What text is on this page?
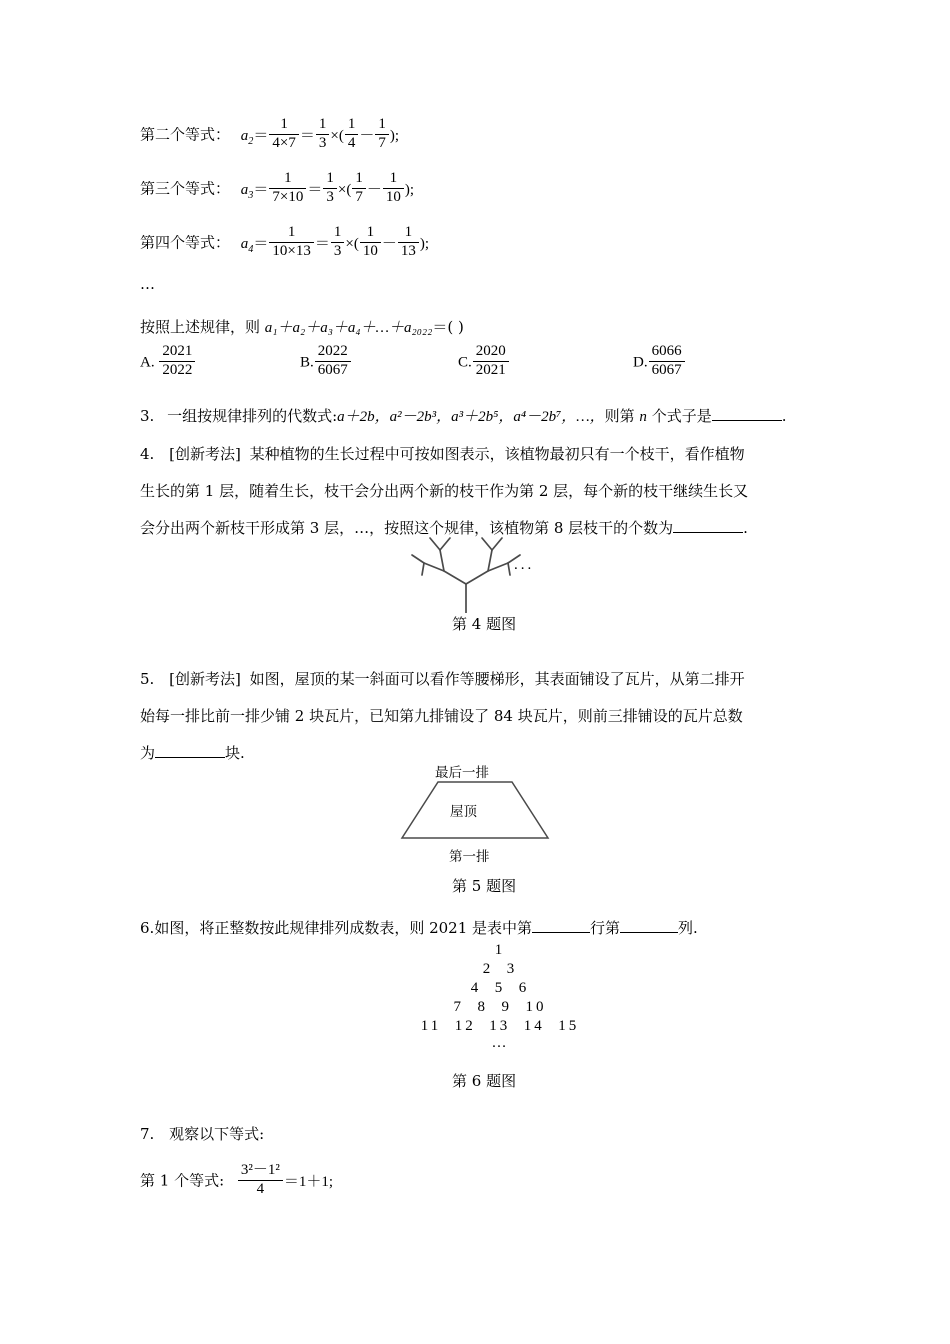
第二个等式： $a_2= \frac{1}{4\times 7} = \frac{1}{3}$ ×( $\frac{1}{4} - \frac{1}{7}$ );
第三个等式： $a_3= \frac{1}{7\times 10} = \frac{1}{3}$ ×( $\frac{1}{7} - \frac{1}{10}$ );
第四个等式： $a_4= \frac{1}{10\times 13} = \frac{1}{3}$ ×( $\frac{1}{10} - \frac{1}{13}$ );
…
按照上述规律，则 a₁＋a₂＋a₃＋a₄＋…＋a₂₀₂₂＝( )
A. $\frac{2021}{2022}$	B. $\frac{2022}{6067}$	C. $\frac{2020}{2021}$	D. $\frac{6066}{6067}$
3. 一组按规律排列的代数式:a＋2b，a²－2b³，a³＋2b⁵，a⁴－2b⁷，…，则第 n 个式子是	.
4. [创新考法] 某种植物的生长过程中可按如图表示，该植物最初只有一个枝干，看作植物
生长的第 1 层，随着生长，枝干会分出两个新的枝干作为第 2 层，每个新的枝干继续生长又
会分出两个新枝干形成第 3 层，…，按照这个规律，该植物第 8 层枝干的个数为	.
...
第 4 题图
5. [创新考法] 如图，屋顶的某一斜面可以看作等腰梯形，其表面铺设了瓦片，从第二排开
始每一排比前一排少铺 2 块瓦片，已知第九排铺设了 84 块瓦片，则前三排铺设的瓦片总数
为	块.
最后一排
屋顶
第一排
第 5 题图
6.如图，将正整数按此规律排列成数表，则 2021 是表中第	行第	列.
1
2 3
4 5 6
7 8 9 10
11 12 13 14 15
…
第 6 题图
7. 观察以下等式:
第 1 个等式: $\frac{\text{3²－1²}}{4} =1+1$;
